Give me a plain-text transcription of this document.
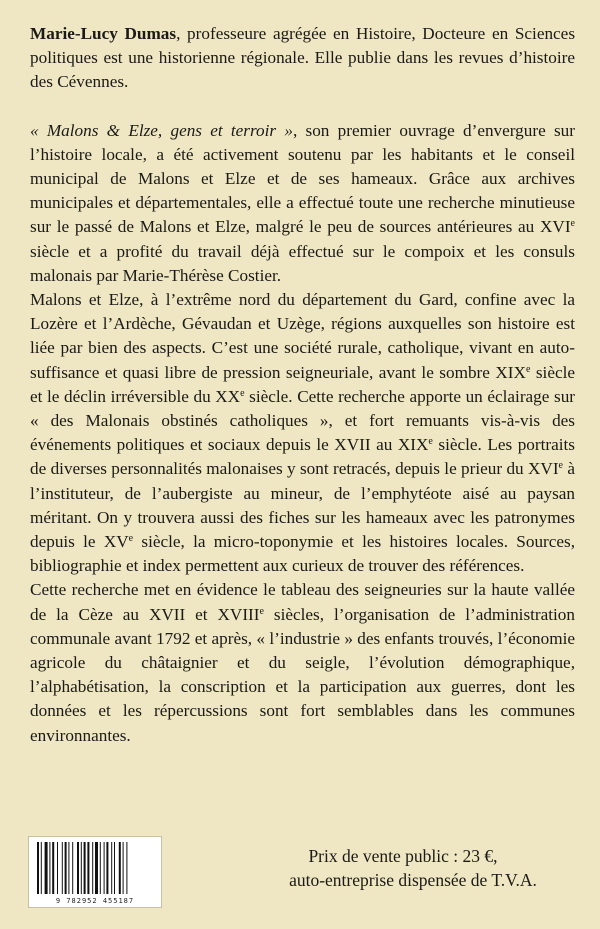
Marie-Lucy Dumas, professeure agrégée en Histoire, Docteure en Sciences politiques est une historienne régionale. Elle publie dans les revues d’histoire des Cévennes.

« Malons & Elze, gens et terroir », son premier ouvrage d’envergure sur l’histoire locale, a été activement soutenu par les habitants et le conseil municipal de Malons et Elze et de ses hameaux. Grâce aux archives municipales et départementales, elle a effectué toute une recherche minutieuse sur le passé de Malons et Elze, malgré le peu de sources antérieures au XVIe siècle et a profité du travail déjà effectué sur le compoix et les consuls malonais par Marie-Thérèse Costier.

Malons et Elze, à l’extrême nord du département du Gard, confine avec la Lozère et l’Ardèche, Gévaudan et Uzège, régions auxquelles son histoire est liée par bien des aspects. C’est une société rurale, catholique, vivant en auto-suffisance et quasi libre de pression seigneuriale, avant le sombre XIXe siècle et le déclin irréversible du XXe siècle. Cette recherche apporte un éclairage sur « des Malonais obstinés catholiques », et fort remuants vis-à-vis des événements politiques et sociaux depuis le XVII au XIXe siècle. Les portraits de diverses personnalités malonaises y sont retracés, depuis le prieur du XVIe à l’instituteur, de l’aubergiste au mineur, de l’emphytéote aisé au paysan méritant. On y trouvera aussi des fiches sur les hameaux avec les patronymes depuis le XVe siècle, la micro-toponymie et les histoires locales. Sources, bibliographie et index permettent aux curieux de trouver des références.

Cette recherche met en évidence le tableau des seigneuries sur la haute vallée de la Cèze au XVII et XVIIIe siècles, l’organisation de l’administration communale avant 1792 et après, « l’industrie » des enfants trouvés, l’économie agricole du châtaignier et du seigle, l’évolution démographique, l’alphabétisation, la conscription et la participation aux guerres, dont les données et les répercussions sont fort semblables dans les communes environnantes.

9 782952 455187
Prix de vente public : 23 €,
auto-entreprise dispensée de T.V.A.
